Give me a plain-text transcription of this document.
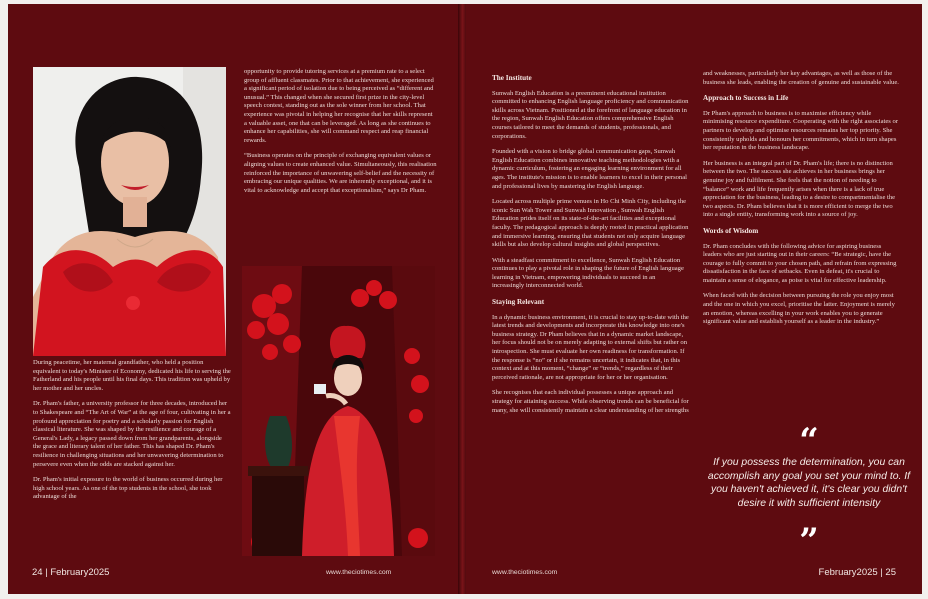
During peacetime, her maternal grandfather, who held a position equivalent to today's Minister of Economy, dedicated his life to serving the Fatherland and his people until his final days. This tradition was upheld by her mother and her uncles.

Dr. Pham's father, a university professor for three decades, introduced her to Shakespeare and “The Art of War” at the age of four, cultivating in her a profound appreciation for poetry and a scholarly passion for English classical literature. She was shaped by the resilience and courage of a General's Lady, a legacy passed down from her grandparents, alongside the grace and literary talent of her father. This has shaped Dr. Pham's resilience in challenging situations and her unwavering determination to persevere even when the odds are stacked against her.

Dr. Pham's initial exposure to the world of business occurred during her high school years. As one of the top students in the school, she took advantage of the

opportunity to provide tutoring services at a premium rate to a select group of affluent classmates. Prior to that achievement, she experienced a significant period of isolation due to being perceived as “different and unusual.” This changed when she secured first prize in the city-level speech contest, standing out as the sole winner from her school. That experience was pivotal in helping her recognise that her skills represent a valuable asset, one that can be leveraged. As long as she continues to enhance her capabilities, she will command respect and reap financial rewards.

“Business operates on the principle of exchanging equivalent values or aligning values to create enhanced value. Simultaneously, this realisation reinforced the importance of unwavering self-belief and the necessity of embracing our unique qualities. We are inherently exceptional, and it is vital to acknowledge and accept that exceptionalism,” says Dr Pham.

24 | February2025	www.theciotimes.com
The Institute

Sunwah English Education is a preeminent educational institution committed to enhancing English language proficiency and communication skills across Vietnam. Positioned at the forefront of language education in the region, Sunwah English Education offers comprehensive English courses tailored to meet the demands of students, professionals, and corporations.

Founded with a vision to bridge global communication gaps, Sunwah English Education combines innovative teaching methodologies with a dynamic curriculum, fostering an engaging learning environment for all ages. The institute's mission is to enable learners to excel in their personal and professional lives by mastering the English language.

Located across multiple prime venues in Ho Chi Minh City, including the iconic Sun Wah Tower and Sunwah Innovation , Sunwah English Education prides itself on its state-of-the-art facilities and exceptional faculty. The pedagogical approach is deeply rooted in practical application and immersive learning, ensuring that students not only acquire language skills but also develop cultural insights and global perspectives.

With a steadfast commitment to excellence, Sunwah English Education continues to play a pivotal role in shaping the future of English language learning in Vietnam, empowering individuals to succeed in an increasingly interconnected world.

Staying Relevant

In a dynamic business environment, it is crucial to stay up-to-date with the latest trends and developments and incorporate this knowledge into one's business strategy. Dr Pham believes that in a dynamic market landscape, her focus should not be on merely adapting to external shifts but rather on introspection. She must evaluate her own readiness for transformation. If the response is “no” or if she remains uncertain, it indicates that, in this context and at this moment, “change” or “trends,” regardless of their perceived rationale, are not appropriate for her or her organisation.

She recognises that each individual possesses a unique approach and strategy for attaining success. While observing trends can be beneficial for many, she will consistently maintain a clear understanding of her strengths

and weaknesses, particularly her key advantages, as well as those of the business she leads, enabling the creation of genuine and sustainable value.

Approach to Success in Life

Dr Pham's approach to business is to maximise efficiency while minimising resource expenditure. Cooperating with the right associates or partners to develop and optimise resources remains her top priority. She consistently upholds and honours her commitments, which in turn shapes her reputation in the business landscape.

Her business is an integral part of Dr. Pham's life; there is no distinction between the two. The success she achieves in her business brings her genuine joy and fulfilment. She feels that the notion of needing to “balance” work and life frequently arises when there is a lack of true appreciation for the business, leading to a desire to compartmentalise the two aspects. Dr. Pham believes that it is more efficient to merge the two into a single entity, transforming work into a source of joy.

Words of Wisdom

Dr. Pham concludes with the following advice for aspiring business leaders who are just starting out in their careers: “Be strategic, have the courage to fully commit to your chosen path, and refrain from expressing dissatisfaction in the face of setbacks. Even in defeat, it's crucial to maintain a sense of elegance, as poise is vital for effective leadership.

When faced with the decision between pursuing the role you enjoy most and the one in which you excel, prioritise the latter. Enjoyment is merely an emotion, whereas excelling in your work enables you to generate significant value and establish yourself as a leader in the industry.”

“
If you possess the determination, you can accomplish any goal you set your mind to. If you haven't achieved it, it's clear you didn't desire it with sufficient intensity
”
www.theciotimes.com	February2025 | 25
